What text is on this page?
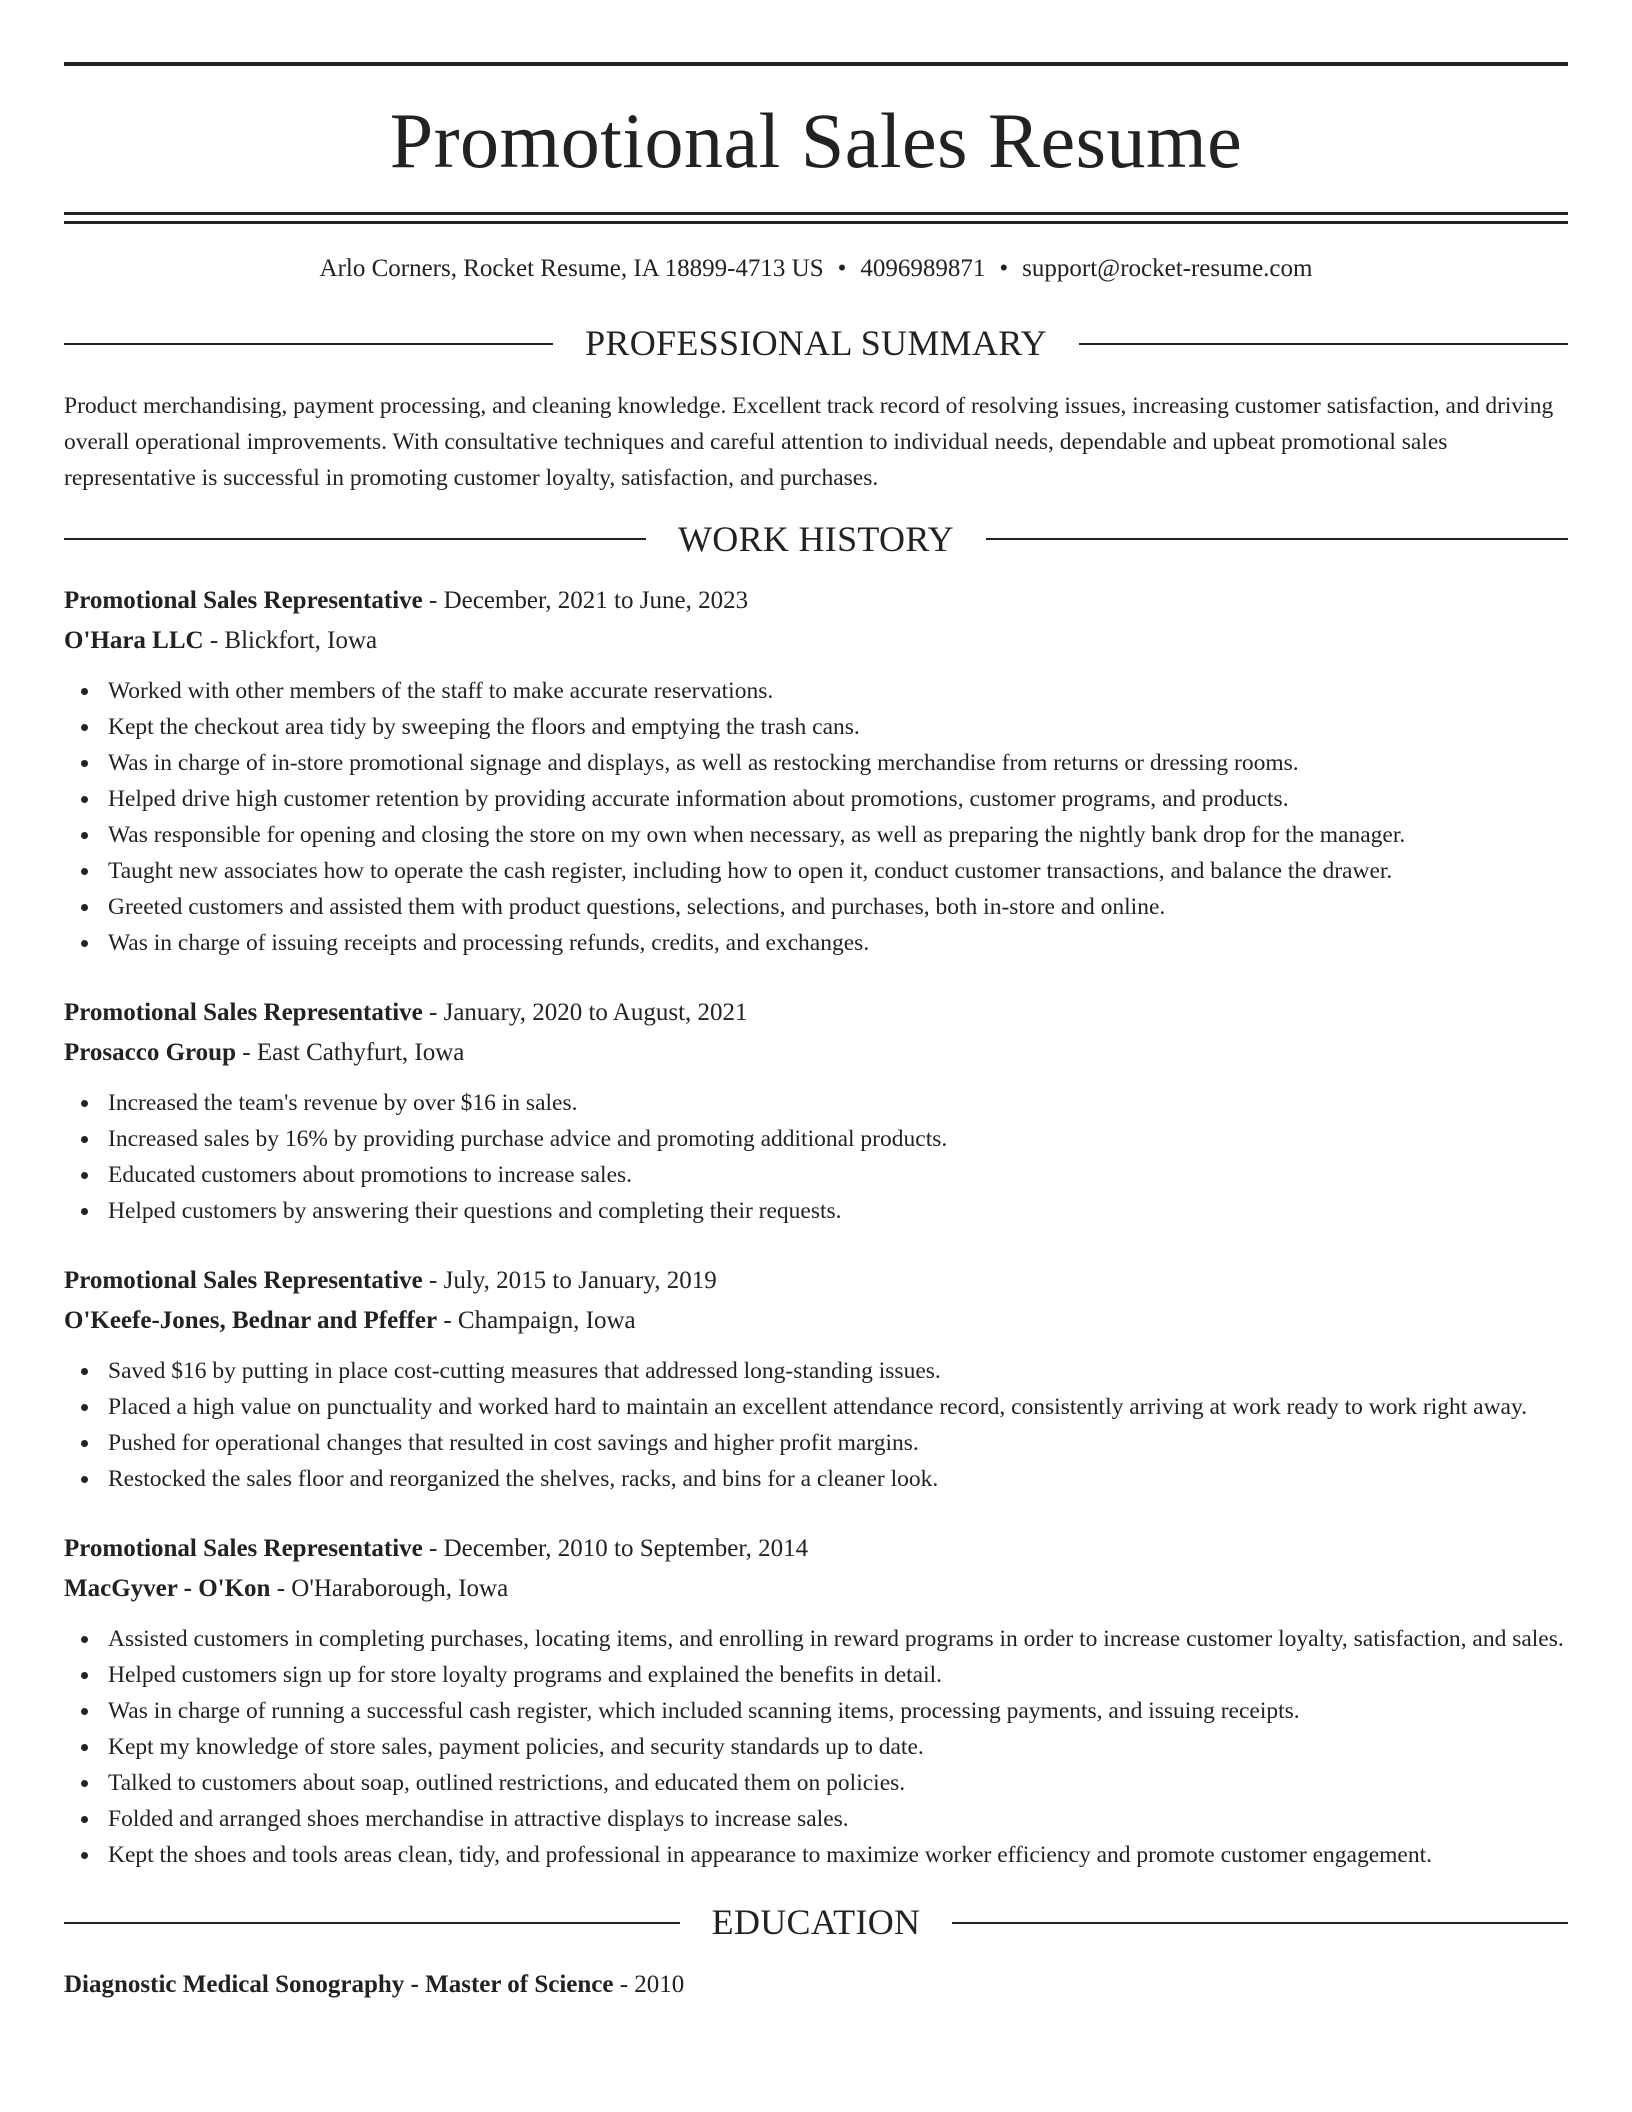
Promotional Sales Resume
Arlo Corners, Rocket Resume, IA 18899-4713 US • 4096989871 • support@rocket-resume.com
PROFESSIONAL SUMMARY

Product merchandising, payment processing, and cleaning knowledge. Excellent track record of resolving issues, increasing customer satisfaction, and driving overall operational improvements. With consultative techniques and careful attention to individual needs, dependable and upbeat promotional sales representative is successful in promoting customer loyalty, satisfaction, and purchases.

WORK HISTORY
Promotional Sales Representative - December, 2021 to June, 2023
O'Hara LLC - Blickfort, Iowa
Worked with other members of the staff to make accurate reservations.
Kept the checkout area tidy by sweeping the floors and emptying the trash cans.
Was in charge of in-store promotional signage and displays, as well as restocking merchandise from returns or dressing rooms.
Helped drive high customer retention by providing accurate information about promotions, customer programs, and products.
Was responsible for opening and closing the store on my own when necessary, as well as preparing the nightly bank drop for the manager.
Taught new associates how to operate the cash register, including how to open it, conduct customer transactions, and balance the drawer.
Greeted customers and assisted them with product questions, selections, and purchases, both in-store and online.
Was in charge of issuing receipts and processing refunds, credits, and exchanges.
Promotional Sales Representative - January, 2020 to August, 2021
Prosacco Group - East Cathyfurt, Iowa
Increased the team's revenue by over $16 in sales.
Increased sales by 16% by providing purchase advice and promoting additional products.
Educated customers about promotions to increase sales.
Helped customers by answering their questions and completing their requests.
Promotional Sales Representative - July, 2015 to January, 2019
O'Keefe-Jones, Bednar and Pfeffer - Champaign, Iowa
Saved $16 by putting in place cost-cutting measures that addressed long-standing issues.
Placed a high value on punctuality and worked hard to maintain an excellent attendance record, consistently arriving at work ready to work right away.
Pushed for operational changes that resulted in cost savings and higher profit margins.
Restocked the sales floor and reorganized the shelves, racks, and bins for a cleaner look.
Promotional Sales Representative - December, 2010 to September, 2014
MacGyver - O'Kon - O'Haraborough, Iowa
Assisted customers in completing purchases, locating items, and enrolling in reward programs in order to increase customer loyalty, satisfaction, and sales.
Helped customers sign up for store loyalty programs and explained the benefits in detail.
Was in charge of running a successful cash register, which included scanning items, processing payments, and issuing receipts.
Kept my knowledge of store sales, payment policies, and security standards up to date.
Talked to customers about soap, outlined restrictions, and educated them on policies.
Folded and arranged shoes merchandise in attractive displays to increase sales.
Kept the shoes and tools areas clean, tidy, and professional in appearance to maximize worker efficiency and promote customer engagement.
EDUCATION
Diagnostic Medical Sonography - Master of Science - 2010
